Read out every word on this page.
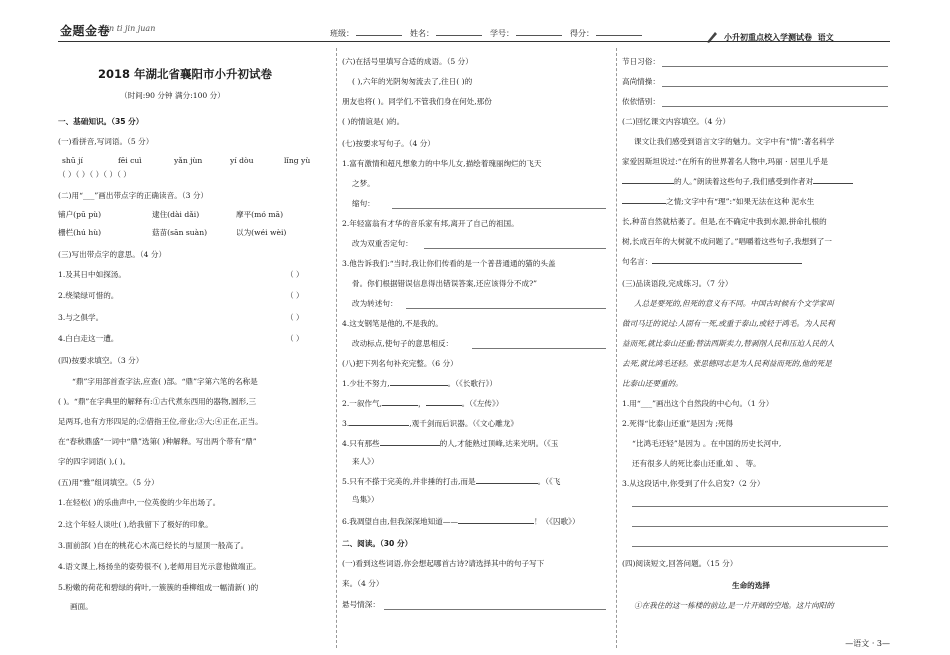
金题金卷
jin ti jin juan
班级：	姓名：	学号：	得分：	小升初重点校入学测试卷 语文
2018 年湖北省襄阳市小升初试卷
（时间:90 分钟 满分:100 分）
一、基础知识。（35 分）
(一)看拼音,写词语。（5 分）
shū jí	fēi cuì	yǎn jùn	yí dòu	lǐng yù
（ ）（ ）（ ）（ ）（ ）
(二)用“___”画出带点字的正确读音。（3 分）
铺户(pū pù)	逮住(dài dǎi)	摩平(mó mā)
栅栏(hú hù)	菇苗(sān suàn)	以为(wéi wèi)
(三)写出带点字的意思。（4 分）
1.及其日中如探汤。	（ ）
2.绕梁绿可惜的。	（ ）
3.与之俱学。	（ ）
4.白白走这一遭。	（ ）
(四)按要求填空。（3 分）
“鼎”字用部首查字法,应查( )部。“鼎”字第六笔的名称是
( )。“鼎”在字典里的解释有:①古代煮东西用的器物,圆形,三
足两耳,也有方形四足的;②借指王位,帝业;③大;④正在,正当。
在“春秋鼎盛”一词中“鼎”选第( )种解释。写出两个带有“鼎”
字的四字词语( ),( )。
(五)用“雅”组词填空。（5 分）
1.在轻松( )的乐曲声中,一位英俊的少年出场了。
2.这个年轻人谈吐( ),给我留下了极好的印象。
3.面前部( )自在的桃花心木高已经长的与屋顶一般高了。
4.语文课上,杨扬坐的姿势很不( ),老师用目光示意他做端正。
5.粉嫩的荷花和碧绿的荷叶,一簇簇的垂柳组成一幅清新( )的
画面。
(六)在括号里填写合适的成语。（5 分）
( ),六年的光阴匆匆流去了,往日( )的
朋友也将( )。同学们,不管我们身在何处,那份
( )的情谊是( )的。
(七)按要求写句子。（4 分）
1.富有激情和超凡想象力的中华儿女,描绘着瑰丽绚烂的飞天
之梦。
缩句：
2.年轻富翁有才华的音乐家有邦,离开了自己的祖国。
改为双重否定句：
3.他告诉我们:“当时,我让你们传看的是一个普普通通的猫的头盖
骨。你们根据错误信息得出错误答案,还应该得分不成?”
改为转述句：
4.这支钢笔是他的,不是我的。
改动标点,使句子的意思相反：
(八)把下列名句补充完整。（6 分）
1.少壮不努力,	。（《长歌行》）
2.一叙作气,	，	。（《左传》）
3.	,观千剑而后识器。（《文心雕龙》
4.只有那些	的人,才能熟过顶峰,达来光明。（《玉
来人》）
5.只有不搽于完美的,并非捶的打击,而是	。（《飞
鸟集》）
6.我凋望自由,但我深深地知道——	！（《囚歌》）
二、阅读。（30 分）
(一)看到这些词语,你会想起哪首古诗?请选择其中的句子写下
来。（4 分）
悬号情深：
节日习俗：
高尚情操：
依依惜别：
(二)回忆课文内容填空。（4 分）
课文让我们感受到语言文字的魅力。文字中有“情”:著名科学
家爱因斯坦说过:“在所有的世界著名人物中,玛丽 · 居里儿乎是
的人。”朗读着这些句子,我们感受到作者对
之情;文字中有“理”:“如果无法在这种 泥水生
长,种苗自然就枯萎了。但是,在不确定中我到水源,拼命扎根的
树,长成百年的大树就不成问题了。”唱嚼着这些句子,我想到了一
句名言：
(三)品读语段,完成练习。（7 分）
人总是要死的,但死的意义有不同。中国古时候有个文学家叫
做司马迁的说过:人固有一死,或重于泰山,或轻于鸿毛。为人民利
益而死,就比泰山还重;替法西斯卖力,替剥削人民和压迫人民的人
去死,就比鸿毛还轻。张思德同志是为人民利益而死的,他的死是
比泰山还要重的。
1.用“___”画出这个自然段的中心句。（1 分）
2.死得“比泰山还重”是因为 ;死得
“比鸿毛还轻”是因为 。在中国的历史长河中,
还有很多人的死比泰山还重,如 、 等。
3.从这段话中,你受到了什么启发?（2 分）
(四)阅读短文,回答问题。（15 分）
生命的选择
①在我住的这一栋楼的前边,是一片开阔的空地。这片向阳的
—语文 · 3—
